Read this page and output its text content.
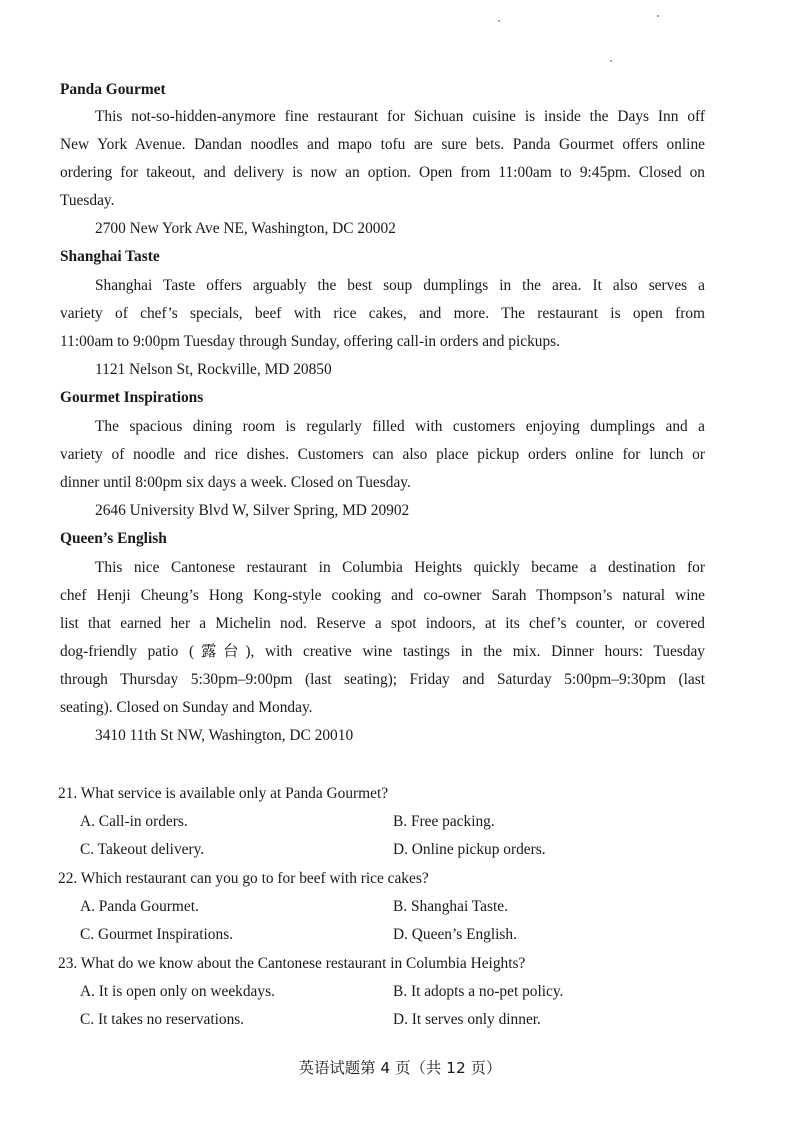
Panda Gourmet
This not-so-hidden-anymore fine restaurant for Sichuan cuisine is inside the Days Inn off
New York Avenue. Dandan noodles and mapo tofu are sure bets. Panda Gourmet offers online
ordering for takeout, and delivery is now an option. Open from 11:00am to 9:45pm. Closed on
Tuesday.
2700 New York Ave NE, Washington, DC 20002
Shanghai Taste
Shanghai Taste offers arguably the best soup dumplings in the area. It also serves a
variety of chef’s specials, beef with rice cakes, and more. The restaurant is open from
11:00am to 9:00pm Tuesday through Sunday, offering call-in orders and pickups.
1121 Nelson St, Rockville, MD 20850
Gourmet Inspirations
The spacious dining room is regularly filled with customers enjoying dumplings and a
variety of noodle and rice dishes. Customers can also place pickup orders online for lunch or
dinner until 8:00pm six days a week. Closed on Tuesday.
2646 University Blvd W, Silver Spring, MD 20902
Queen’s English
This nice Cantonese restaurant in Columbia Heights quickly became a destination for
chef Henji Cheung’s Hong Kong-style cooking and co-owner Sarah Thompson’s natural wine
list that earned her a Michelin nod. Reserve a spot indoors, at its chef’s counter, or covered
dog-friendly patio (露台), with creative wine tastings in the mix. Dinner hours: Tuesday
through Thursday 5:30pm–9:00pm (last seating); Friday and Saturday 5:00pm–9:30pm (last
seating). Closed on Sunday and Monday.
3410 11th St NW, Washington, DC 20010
21. What service is available only at Panda Gourmet?
A. Call-in orders.	B. Free packing.
C. Takeout delivery.	D. Online pickup orders.
22. Which restaurant can you go to for beef with rice cakes?
A. Panda Gourmet.	B. Shanghai Taste.
C. Gourmet Inspirations.	D. Queen’s English.
23. What do we know about the Cantonese restaurant in Columbia Heights?
A. It is open only on weekdays.	B. It adopts a no-pet policy.
C. It takes no reservations.	D. It serves only dinner.
英语试题第 4 页（共 12 页）
